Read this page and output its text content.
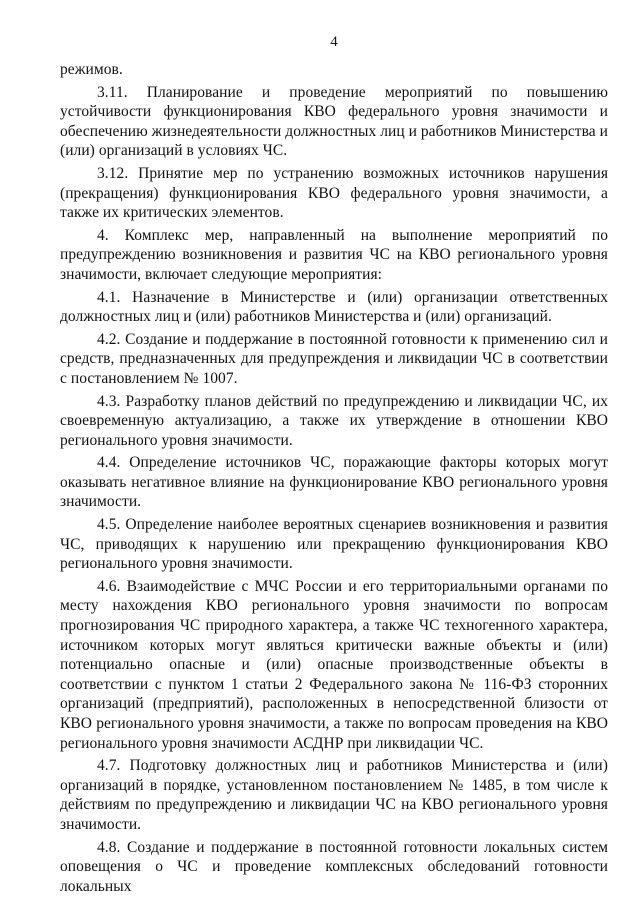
4

режимов.

3.11. Планирование и проведение мероприятий по повышению устойчивости функционирования КВО федерального уровня значимости и обеспечению жизнедеятельности должностных лиц и работников Министерства и (или) организаций в условиях ЧС.

3.12. Принятие мер по устранению возможных источников нарушения (прекращения) функционирования КВО федерального уровня значимости, а также их критических элементов.

4. Комплекс мер, направленный на выполнение мероприятий по предупреждению возникновения и развития ЧС на КВО регионального уровня значимости, включает следующие мероприятия:

4.1. Назначение в Министерстве и (или) организации ответственных должностных лиц и (или) работников Министерства и (или) организаций.

4.2. Создание и поддержание в постоянной готовности к применению сил и средств, предназначенных для предупреждения и ликвидации ЧС в соответствии с постановлением № 1007.

4.3. Разработку планов действий по предупреждению и ликвидации ЧС, их своевременную актуализацию, а также их утверждение в отношении КВО регионального уровня значимости.

4.4. Определение источников ЧС, поражающие факторы которых могут оказывать негативное влияние на функционирование КВО регионального уровня значимости.

4.5. Определение наиболее вероятных сценариев возникновения и развития ЧС, приводящих к нарушению или прекращению функционирования КВО регионального уровня значимости.

4.6. Взаимодействие с МЧС России и его территориальными органами по месту нахождения КВО регионального уровня значимости по вопросам прогнозирования ЧС природного характера, а также ЧС техногенного характера, источником которых могут являться критически важные объекты и (или) потенциально опасные и (или) опасные производственные объекты в соответствии с пунктом 1 статьи 2 Федерального закона № 116-ФЗ сторонних организаций (предприятий), расположенных в непосредственной близости от КВО регионального уровня значимости, а также по вопросам проведения на КВО регионального уровня значимости АСДНР при ликвидации ЧС.

4.7. Подготовку должностных лиц и работников Министерства и (или) организаций в порядке, установленном постановлением № 1485, в том числе к действиям по предупреждению и ликвидации ЧС на КВО регионального уровня значимости.

4.8. Создание и поддержание в постоянной готовности локальных систем оповещения о ЧС и проведение комплексных обследований готовности локальных
